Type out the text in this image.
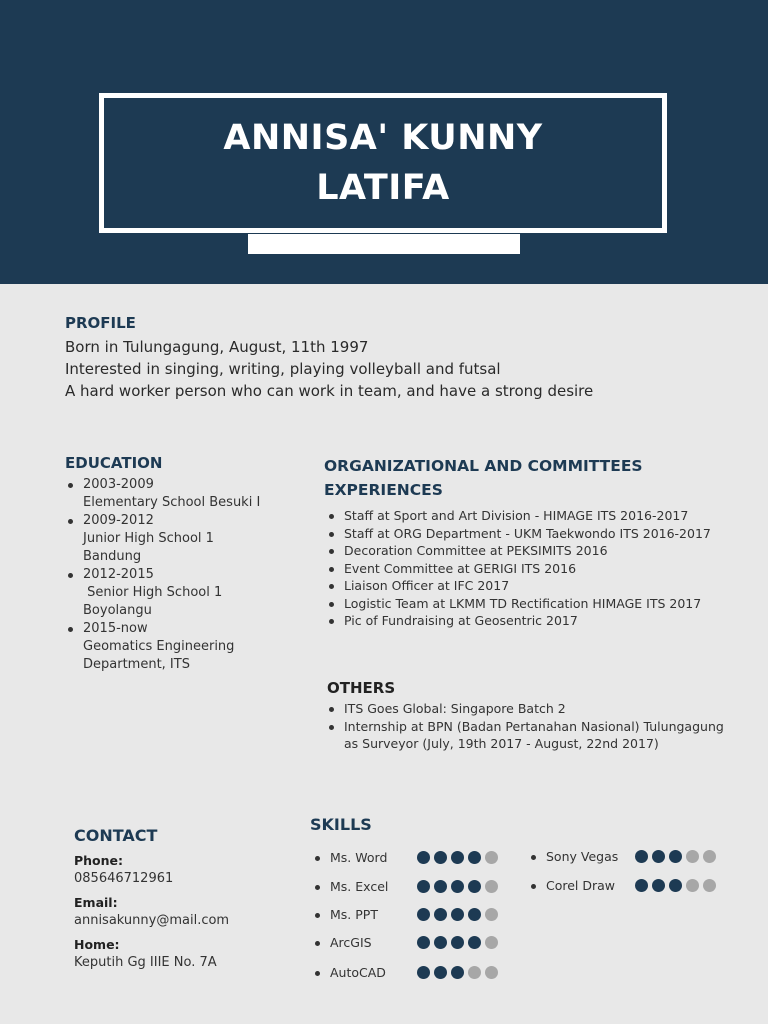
ANNISA' KUNNY
LATIFA
PROFILE
Born in Tulungagung, August, 11th 1997
Interested in singing, writing, playing volleyball and futsal
A hard worker person who can work in team, and have a strong desire
EDUCATION
2003-2009
Elementary School Besuki I
2009-2012
Junior High School 1
Bandung
2012-2015
Senior High School 1
Boyolangu
2015-now
Geomatics Engineering
Department, ITS
ORGANIZATIONAL AND COMMITTEES
EXPERIENCES
Staff at Sport and Art Division - HIMAGE ITS 2016-2017
Staff at ORG Department - UKM Taekwondo ITS 2016-2017
Decoration Committee at PEKSIMITS 2016
Event Committee at GERIGI ITS 2016
Liaison Officer at IFC 2017
Logistic Team at LKMM TD Rectification HIMAGE ITS 2017
Pic of Fundraising at Geosentric 2017
OTHERS
ITS Goes Global: Singapore Batch 2
Internship at BPN (Badan Pertanahan Nasional) Tulungagung as Surveyor (July, 19th 2017 - August, 22nd 2017)
CONTACT
Phone:
085646712961
Email:
annisakunny@mail.com
Home:
Keputih Gg IIIE No. 7A
SKILLS
Ms. Word
Ms. Excel
Ms. PPT
ArcGIS
AutoCAD
Sony Vegas
Corel Draw
